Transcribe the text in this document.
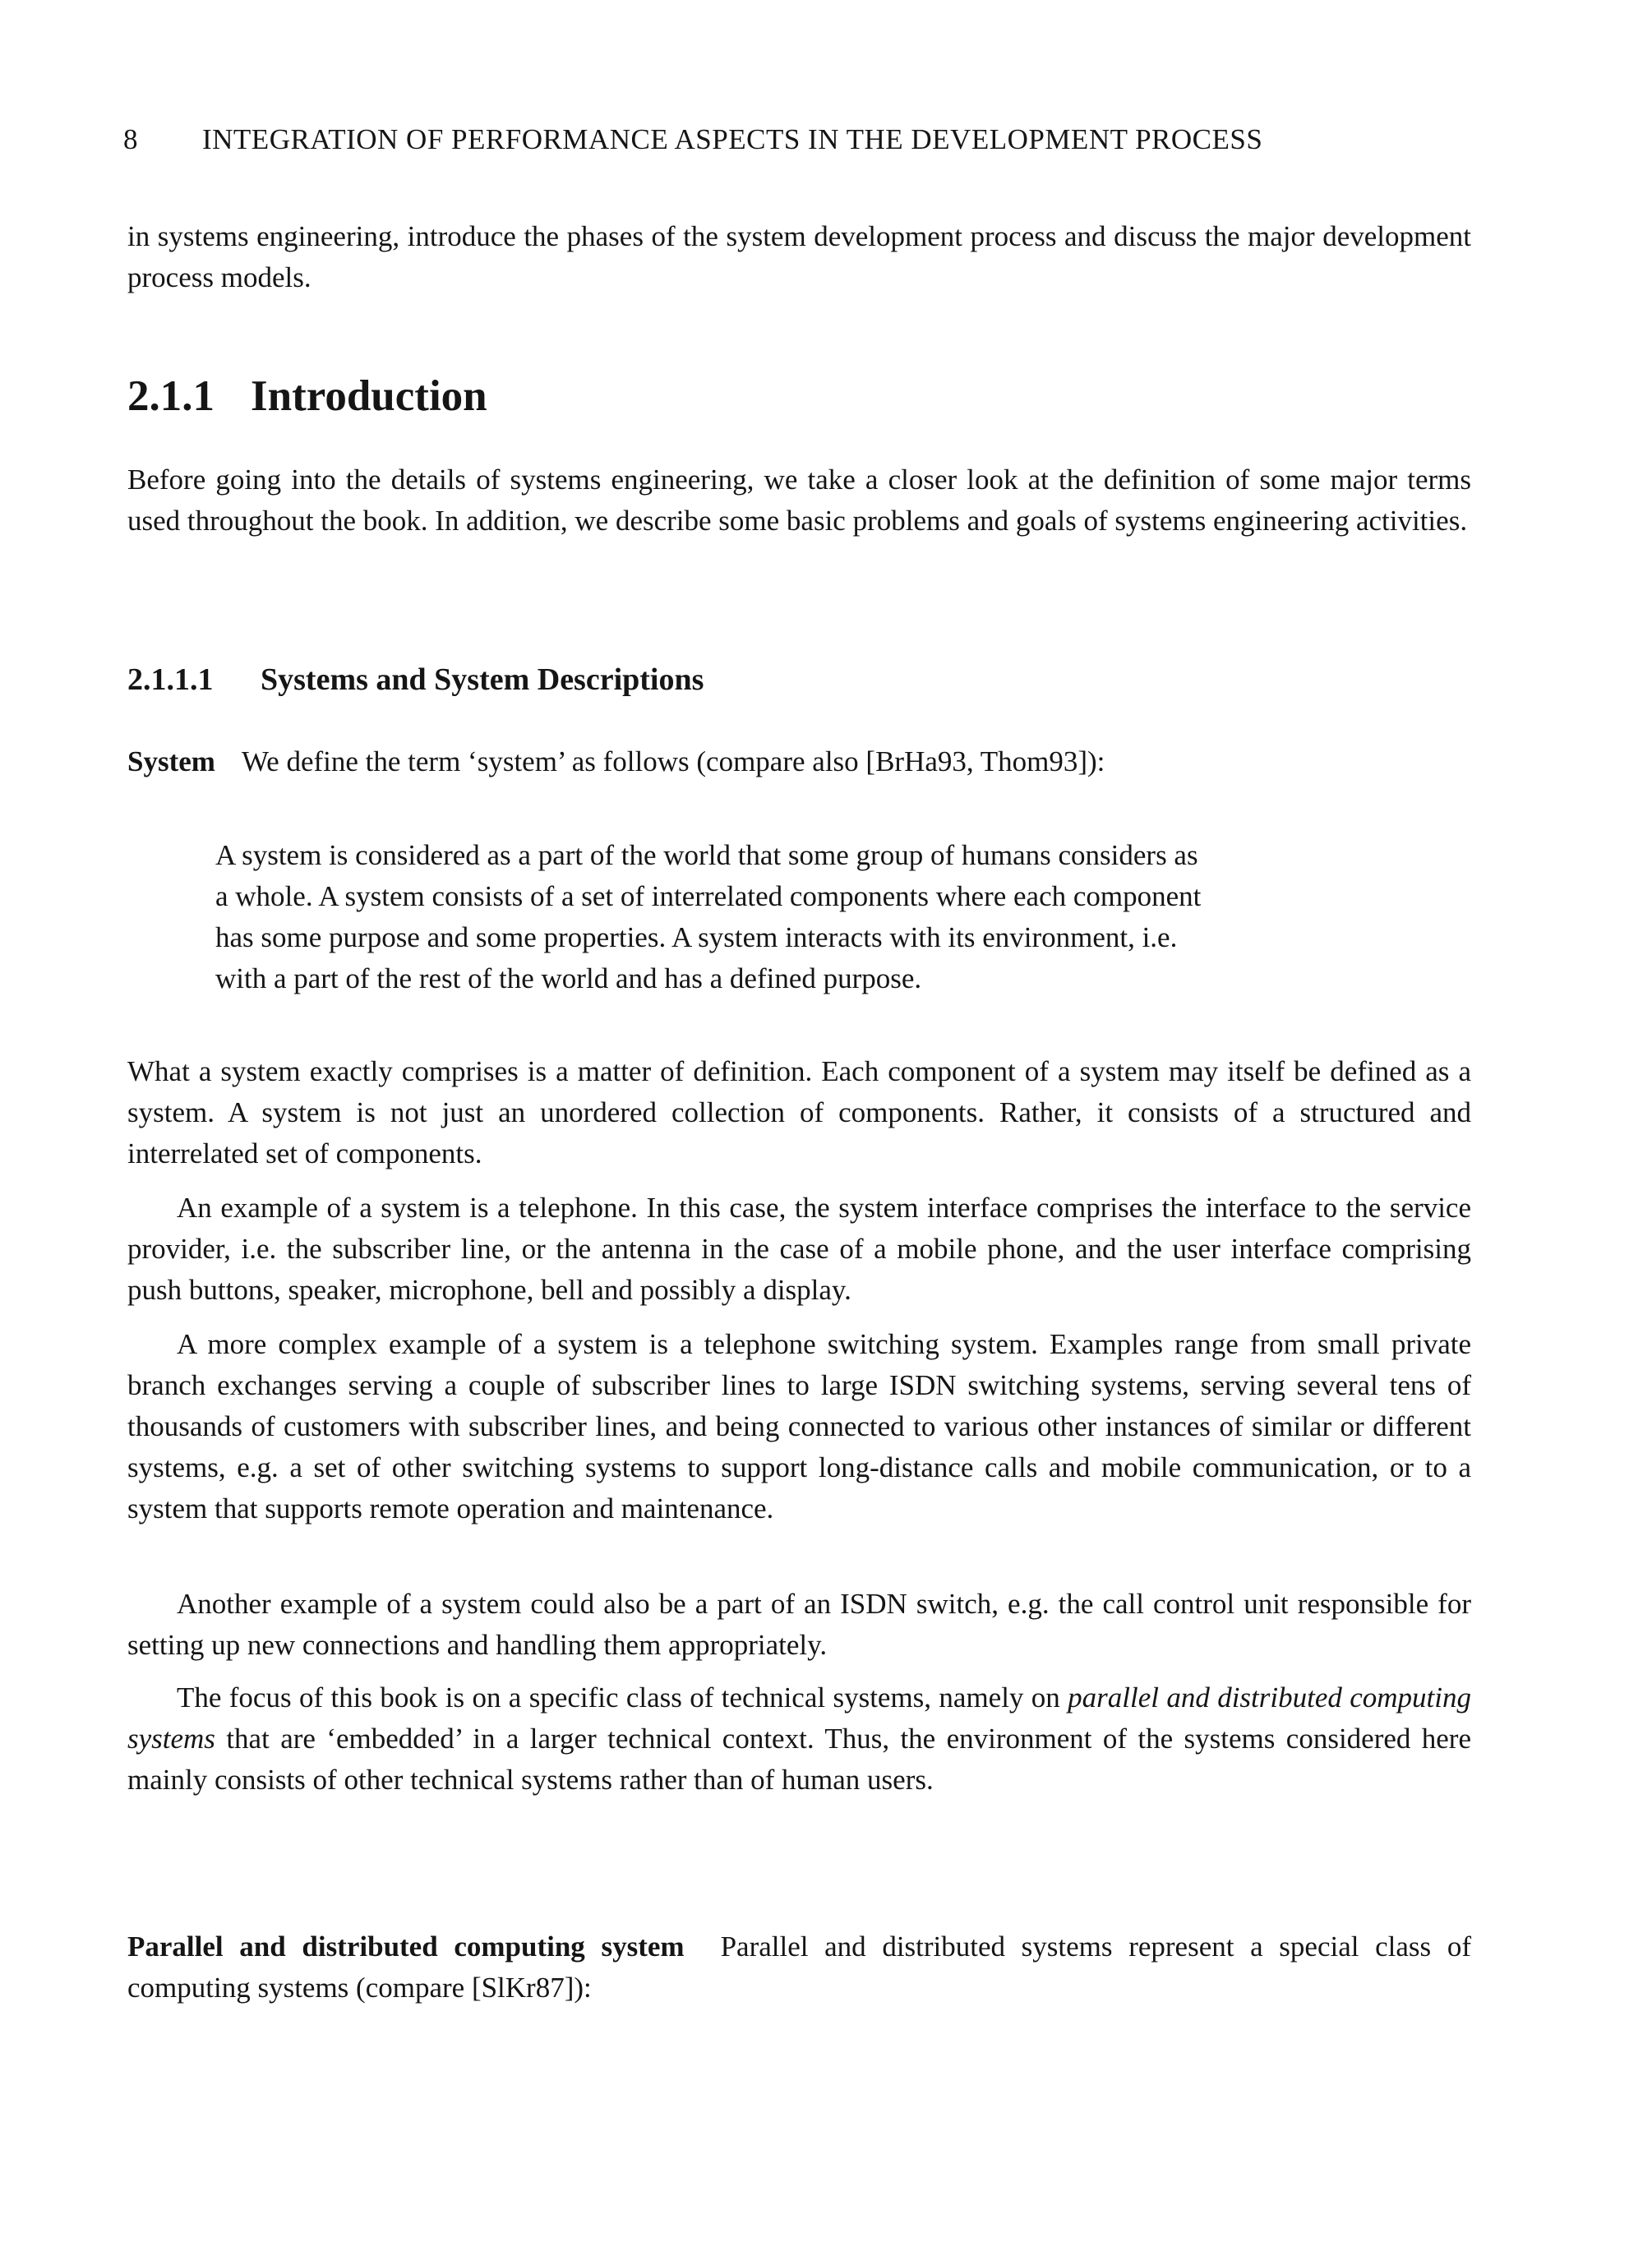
8 INTEGRATION OF PERFORMANCE ASPECTS IN THE DEVELOPMENT PROCESS

in systems engineering, introduce the phases of the system development process and discuss the major development process models.

2.1.1 Introduction

Before going into the details of systems engineering, we take a closer look at the definition of some major terms used throughout the book. In addition, we describe some basic problems and goals of systems engineering activities.

2.1.1.1 Systems and System Descriptions

System We define the term ‘system’ as follows (compare also [BrHa93, Thom93]):

A system is considered as a part of the world that some group of humans considers as
a whole. A system consists of a set of interrelated components where each component
has some purpose and some properties. A system interacts with its environment, i.e.
with a part of the rest of the world and has a defined purpose.

What a system exactly comprises is a matter of definition. Each component of a system may itself be defined as a system. A system is not just an unordered collection of components. Rather, it consists of a structured and interrelated set of components.

An example of a system is a telephone. In this case, the system interface comprises the interface to the service provider, i.e. the subscriber line, or the antenna in the case of a mobile phone, and the user interface comprising push buttons, speaker, microphone, bell and possibly a display.

A more complex example of a system is a telephone switching system. Examples range from small private branch exchanges serving a couple of subscriber lines to large ISDN switching systems, serving several tens of thousands of customers with subscriber lines, and being connected to various other instances of similar or different systems, e.g. a set of other switching systems to support long-distance calls and mobile communication, or to a system that supports remote operation and maintenance.

Another example of a system could also be a part of an ISDN switch, e.g. the call control unit responsible for setting up new connections and handling them appropriately.

The focus of this book is on a specific class of technical systems, namely on parallel and distributed computing systems that are ‘embedded’ in a larger technical context. Thus, the environment of the systems considered here mainly consists of other technical systems rather than of human users.

Parallel and distributed computing system Parallel and distributed systems represent a special class of computing systems (compare [SlKr87]):
